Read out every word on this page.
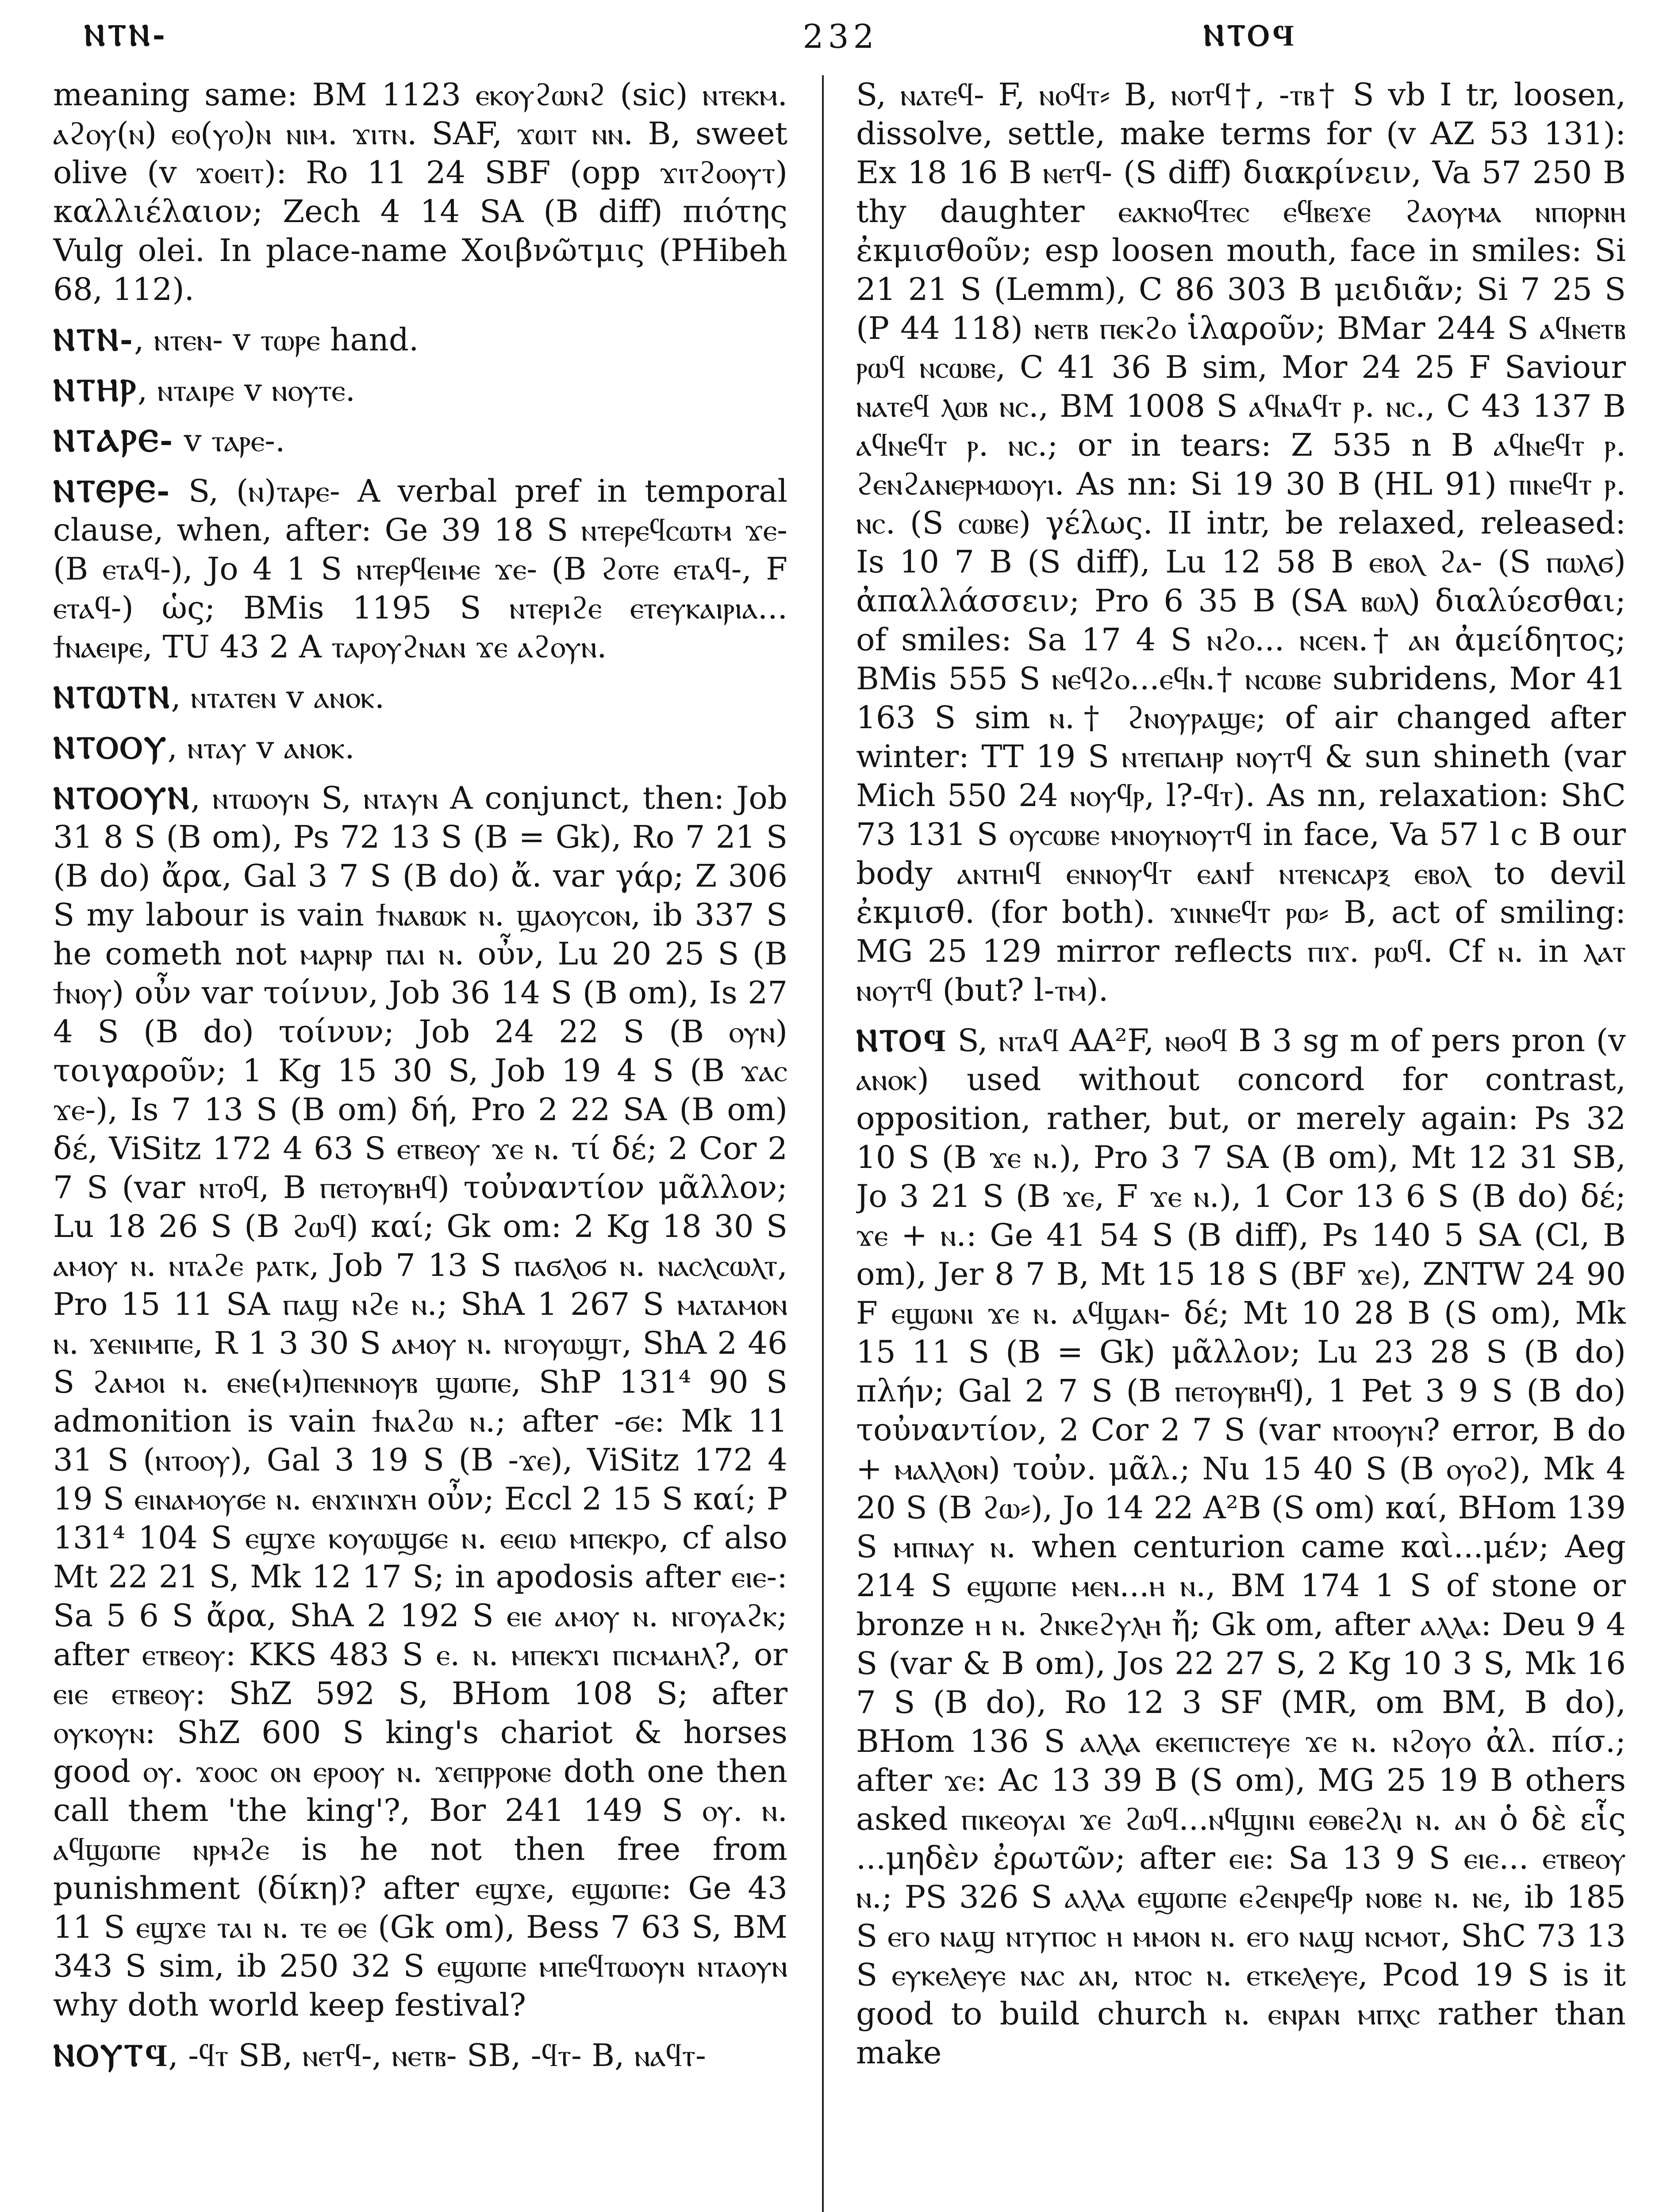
ⲚⲦⲚ-	232	ⲚⲦⲞϤ

meaning same: BM 1123 ⲉⲕⲟⲩϩⲱⲛϩ (sic) ⲛⲧⲉⲕⲙ. ⲁϩⲟⲩ(ⲛ) ⲉⲟ(ⲩⲟ)ⲛ ⲛⲓⲙ. ϫⲓⲧⲛ. SAF, ϫⲱⲓⲧ ⲛⲛ. B, sweet olive (v ϫⲟⲉⲓⲧ): Ro 11 24 SBF (opp ϫⲓⲧϩⲟⲟⲩⲧ) καλλιέλαιον; Zech 4 14 SA (B diff) πιότης Vulg olei. In place-name Χοιβνῶτμις (PHibeh 68, 112).

ⲚⲦⲚ-, ⲛⲧⲉⲛ- v ⲧⲱⲣⲉ hand.

ⲚⲦⲎⲢ, ⲛⲧⲁⲓⲣⲉ v ⲛⲟⲩⲧⲉ.

ⲚⲦⲀⲢⲈ- v ⲧⲁⲣⲉ-.

ⲚⲦⲈⲢⲈ- S, (ⲛ)ⲧⲁⲣⲉ- A verbal pref in temporal clause, when, after: Ge 39 18 S ⲛⲧⲉⲣⲉϥⲥⲱⲧⲙ ϫⲉ- (B ⲉⲧⲁϥ-), Jo 4 1 S ⲛⲧⲉⲣϥⲉⲓⲙⲉ ϫⲉ- (B ϩⲟⲧⲉ ⲉⲧⲁϥ-, F ⲉⲧⲁϥ-) ὡς; BMis 1195 S ⲛⲧⲉⲣⲓϩⲉ ⲉⲧⲉⲩⲕⲁⲓⲣⲓⲁ... ϯⲛⲁⲉⲓⲣⲉ, TU 43 2 A ⲧⲁⲣⲟⲩϩⲛⲁⲛ ϫⲉ ⲁϩⲟⲩⲛ.

ⲚⲦⲰⲦⲚ, ⲛⲧⲁⲧⲉⲛ v ⲁⲛⲟⲕ.

ⲚⲦⲞⲞⲨ, ⲛⲧⲁⲩ v ⲁⲛⲟⲕ.

ⲚⲦⲞⲞⲨⲚ, ⲛⲧⲱⲟⲩⲛ S, ⲛⲧⲁⲩⲛ A conjunct, then: Job 31 8 S (B om), Ps 72 13 S (B = Gk), Ro 7 21 S (B do) ἄρα, Gal 3 7 S (B do) ἄ. var γάρ; Z 306 S my labour is vain ϯⲛⲁⲃⲱⲕ ⲛ. ϣⲁⲟⲩⲥⲟⲛ, ib 337 S he cometh not ⲙⲁⲣⲛⲣ ⲡⲁⲓ ⲛ. οὖν, Lu 20 25 S (B ϯⲛⲟⲩ) οὖν var τοίνυν, Job 36 14 S (B om), Is 27 4 S (B do) τοίνυν; Job 24 22 S (B ⲟⲩⲛ) τοιγαροῦν; 1 Kg 15 30 S, Job 19 4 S (B ϫⲁⲥ ϫⲉ-), Is 7 13 S (B om) δή, Pro 2 22 SA (B om) δέ, ViSitz 172 4 63 S ⲉⲧⲃⲉⲟⲩ ϫⲉ ⲛ. τί δέ; 2 Cor 2 7 S (var ⲛⲧⲟϥ, B ⲡⲉⲧⲟⲩⲃⲏϥ) τοὐναντίον μᾶλλον; Lu 18 26 S (B ϩⲱϥ) καί; Gk om: 2 Kg 18 30 S ⲁⲙⲟⲩ ⲛ. ⲛⲧⲁϩⲉ ⲣⲁⲧⲕ, Job 7 13 S ⲡⲁϭⲗⲟϭ ⲛ. ⲛⲁⲥⲗⲥⲱⲗⲧ, Pro 15 11 SA ⲡⲁϣ ⲛϩⲉ ⲛ.; ShA 1 267 S ⲙⲁⲧⲁⲙⲟⲛ ⲛ. ϫⲉⲛⲓⲙⲡⲉ, R 1 3 30 S ⲁⲙⲟⲩ ⲛ. ⲛⲅⲟⲩⲱϣⲧ, ShA 2 46 S ϩⲁⲙⲟⲓ ⲛ. ⲉⲛⲉ(ⲙ)ⲡⲉⲛⲛⲟⲩⲃ ϣⲱⲡⲉ, ShP 131⁴ 90 S admonition is vain ϯⲛⲁϩⲱ ⲛ.; after -ϭⲉ: Mk 11 31 S (ⲛⲧⲟⲟⲩ), Gal 3 19 S (B -ϫⲉ), ViSitz 172 4 19 S ⲉⲓⲛⲁⲙⲟⲩϭⲉ ⲛ. ⲉⲛϫⲓⲛϫⲏ οὖν; Eccl 2 15 S καί; P 131⁴ 104 S ⲉϣϫⲉ ⲕⲟⲩⲱϣϭⲉ ⲛ. ⲉⲉⲓⲱ ⲙⲡⲉⲕⲣⲟ, cf also Mt 22 21 S, Mk 12 17 S; in apodosis after ⲉⲓⲉ-: Sa 5 6 S ἄρα, ShA 2 192 S ⲉⲓⲉ ⲁⲙⲟⲩ ⲛ. ⲛⲅⲟⲩⲁϩⲕ; after ⲉⲧⲃⲉⲟⲩ: KKS 483 S ⲉ. ⲛ. ⲙⲡⲉⲕϫⲓ ⲡⲓⲥⲙⲁⲏⲗ?, or ⲉⲓⲉ ⲉⲧⲃⲉⲟⲩ: ShZ 592 S, BHom 108 S; after ⲟⲩⲕⲟⲩⲛ: ShZ 600 S king's chariot & horses good ⲟⲩ. ϫⲟⲟⲥ ⲟⲛ ⲉⲣⲟⲟⲩ ⲛ. ϫⲉⲡⲣⲣⲟⲛⲉ doth one then call them 'the king'?, Bor 241 149 S ⲟⲩ. ⲛ. ⲁϥϣⲱⲡⲉ ⲛⲣⲙϩⲉ is he not then free from punishment (δίκη)? after ⲉϣϫⲉ, ⲉϣⲱⲡⲉ: Ge 43 11 S ⲉϣϫⲉ ⲧⲁⲓ ⲛ. ⲧⲉ ⲑⲉ (Gk om), Bess 7 63 S, BM 343 S sim, ib 250 32 S ⲉϣⲱⲡⲉ ⲙⲡⲉϥⲧⲱⲟⲩⲛ ⲛⲧⲁⲟⲩⲛ why doth world keep festival?

ⲚⲞⲨⲦϤ, -ϥⲧ SB, ⲛⲉⲧϥ-, ⲛⲉⲧⲃ- SB, -ϥⲧ- B, ⲛⲁϥⲧ-

S, ⲛⲁⲧⲉϥ- F, ⲛⲟϥⲧ⸗ B, ⲛⲟⲧϥ†, -ⲧⲃ† S vb I tr, loosen, dissolve, settle, make terms for (v AZ 53 131): Ex 18 16 B ⲛⲉⲧϥ- (S diff) διακρίνειν, Va 57 250 B thy daughter ⲉⲁⲕⲛⲟϥⲧⲉⲥ ⲉϥⲃⲉϫⲉ ϩⲁⲟⲩⲙⲁ ⲛⲡⲟⲣⲛⲏ ἐκμισθοῦν; esp loosen mouth, face in smiles: Si 21 21 S (Lemm), C 86 303 B μειδιᾶν; Si 7 25 S (P 44 118) ⲛⲉⲧⲃ ⲡⲉⲕϩⲟ ἱλαροῦν; BMar 244 S ⲁϥⲛⲉⲧⲃ ⲣⲱϥ ⲛⲥⲱⲃⲉ, C 41 36 B sim, Mor 24 25 F Saviour ⲛⲁⲧⲉϥ ⲗⲱⲃ ⲛⲥ., BM 1008 S ⲁϥⲛⲁϥⲧ ⲣ. ⲛⲥ., C 43 137 B ⲁϥⲛⲉϥⲧ ⲣ. ⲛⲥ.; or in tears: Z 535 n B ⲁϥⲛⲉϥⲧ ⲣ. ϩⲉⲛϩⲁⲛⲉⲣⲙⲱⲟⲩⲓ. As nn: Si 19 30 B (HL 91) ⲡⲓⲛⲉϥⲧ ⲣ. ⲛⲥ. (S ⲥⲱⲃⲉ) γέλως. II intr, be relaxed, released: Is 10 7 B (S diff), Lu 12 58 B ⲉⲃⲟⲗ ϩⲁ- (S ⲡⲱⲗϭ) ἀπαλλάσσειν; Pro 6 35 B (SA ⲃⲱⲗ) διαλύεσθαι; of smiles: Sa 17 4 S ⲛϩⲟ... ⲛⲥⲉⲛ.† ⲁⲛ ἀμείδητος; BMis 555 S ⲛⲉϥϩⲟ...ⲉϥⲛ.† ⲛⲥⲱⲃⲉ subridens, Mor 41 163 S sim ⲛ.† ϩⲛⲟⲩⲣⲁϣⲉ; of air changed after winter: TT 19 S ⲛⲧⲉⲡⲁⲏⲣ ⲛⲟⲩⲧϥ & sun shineth (var Mich 550 24 ⲛⲟⲩϥⲣ, l?-ϥⲧ). As nn, relaxation: ShC 73 131 S ⲟⲩⲥⲱⲃⲉ ⲙⲛⲟⲩⲛⲟⲩⲧϥ in face, Va 57 l c B our body ⲁⲛⲧⲏⲓϥ ⲉⲛⲛⲟⲩϥⲧ ⲉⲁⲛϯ ⲛⲧⲉⲛⲥⲁⲣⲝ ⲉⲃⲟⲗ to devil ἐκμισθ. (for both). ϫⲓⲛⲛⲉϥⲧ ⲣⲱ⸗ B, act of smiling: MG 25 129 mirror reflects ⲡⲓϫ. ⲣⲱϥ. Cf ⲛ. in ⲗⲁⲧ ⲛⲟⲩⲧϥ (but? l-ⲧⲙ).

ⲚⲦⲞϤ S, ⲛⲧⲁϥ AA²F, ⲛⲑⲟϥ B 3 sg m of pers pron (v ⲁⲛⲟⲕ) used without concord for contrast, opposition, rather, but, or merely again: Ps 32 10 S (B ϫⲉ ⲛ.), Pro 3 7 SA (B om), Mt 12 31 SB, Jo 3 21 S (B ϫⲉ, F ϫⲉ ⲛ.), 1 Cor 13 6 S (B do) δέ; ϫⲉ + ⲛ.: Ge 41 54 S (B diff), Ps 140 5 SA (Cl, B om), Jer 8 7 B, Mt 15 18 S (BF ϫⲉ), ZNTW 24 90 F ⲉϣⲱⲛⲓ ϫⲉ ⲛ. ⲁϥϣⲁⲛ- δέ; Mt 10 28 B (S om), Mk 15 11 S (B = Gk) μᾶλλον; Lu 23 28 S (B do) πλήν; Gal 2 7 S (B ⲡⲉⲧⲟⲩⲃⲏϥ), 1 Pet 3 9 S (B do) τοὐναντίον, 2 Cor 2 7 S (var ⲛⲧⲟⲟⲩⲛ? error, B do + ⲙⲁⲗⲗⲟⲛ) τοὐν. μᾶλ.; Nu 15 40 S (B ⲟⲩⲟϩ), Mk 4 20 S (B ϩⲱ⸗), Jo 14 22 A²B (S om) καί, BHom 139 S ⲙⲡⲛⲁⲩ ⲛ. when centurion came καὶ...μέν; Aeg 214 S ⲉϣⲱⲡⲉ ⲙⲉⲛ...ⲏ ⲛ., BM 174 1 S of stone or bronze ⲏ ⲛ. ϩⲛⲕⲉϩⲩⲗⲏ ἤ; Gk om, after ⲁⲗⲗⲁ: Deu 9 4 S (var & B om), Jos 22 27 S, 2 Kg 10 3 S, Mk 16 7 S (B do), Ro 12 3 SF (MR, om BM, B do), BHom 136 S ⲁⲗⲗⲁ ⲉⲕⲉⲡⲓⲥⲧⲉⲩⲉ ϫⲉ ⲛ. ⲛϩⲟⲩⲟ ἀλ. πίσ.; after ϫⲉ: Ac 13 39 B (S om), MG 25 19 B others asked ⲡⲓⲕⲉⲟⲩⲁⲓ ϫⲉ ϩⲱϥ...ⲛϥϣⲓⲛⲓ ⲉⲑⲃⲉϩⲗⲓ ⲛ. ⲁⲛ ὁ δὲ εἷς ...μηδὲν ἐρωτῶν; after ⲉⲓⲉ: Sa 13 9 S ⲉⲓⲉ... ⲉⲧⲃⲉⲟⲩ ⲛ.; PS 326 S ⲁⲗⲗⲁ ⲉϣⲱⲡⲉ ⲉϩⲉⲛⲣⲉϥⲣ ⲛⲟⲃⲉ ⲛ. ⲛⲉ, ib 185 S ⲉⲅⲟ ⲛⲁϣ ⲛⲧⲩⲡⲟⲥ ⲏ ⲙⲙⲟⲛ ⲛ. ⲉⲅⲟ ⲛⲁϣ ⲛⲥⲙⲟⲧ, ShC 73 13 S ⲉⲩⲕⲉⲗⲉⲩⲉ ⲛⲁⲥ ⲁⲛ, ⲛⲧⲟⲥ ⲛ. ⲉⲧⲕⲉⲗⲉⲩⲉ, Pcod 19 S is it good to build church ⲛ. ⲉⲛⲣⲁⲛ ⲙⲡⲭⲥ rather than make
